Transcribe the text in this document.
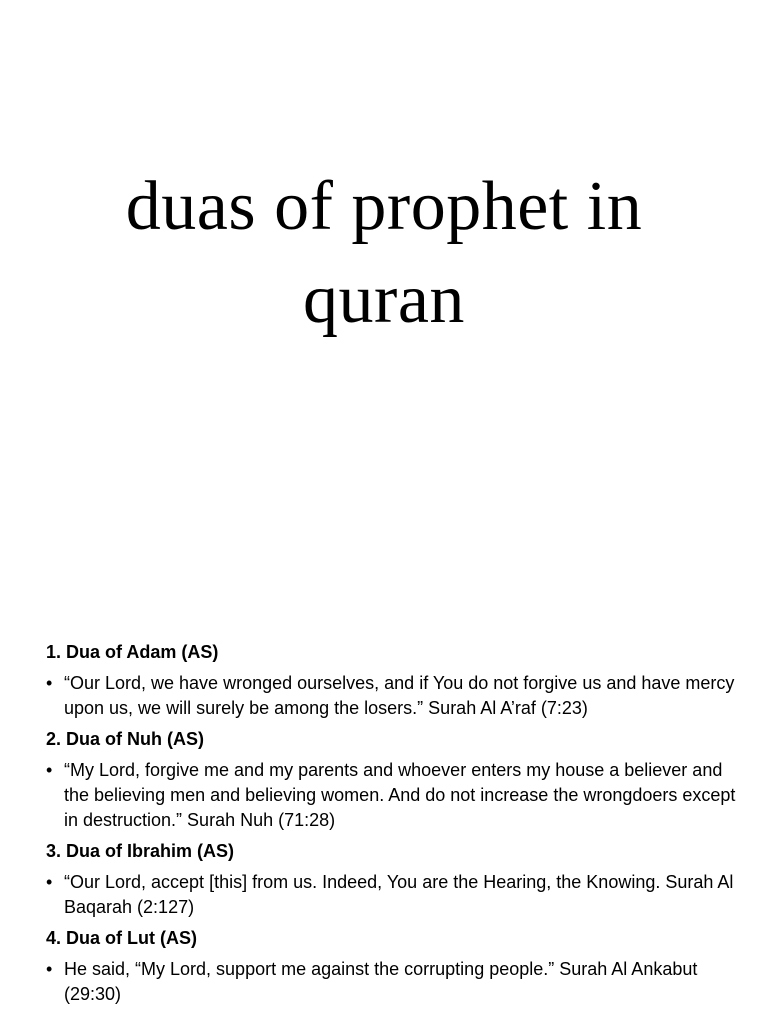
duas of prophet in quran
1. Dua of Adam (AS)
• “Our Lord, we have wronged ourselves, and if You do not forgive us and have mercy upon us, we will surely be among the losers.” Surah Al A’raf (7:23)
2. Dua of Nuh (AS)
• “My Lord, forgive me and my parents and whoever enters my house a believer and the believing men and believing women. And do not increase the wrongdoers except in destruction.” Surah Nuh (71:28)
3. Dua of Ibrahim (AS)
• “Our Lord, accept [this] from us. Indeed, You are the Hearing, the Knowing. Surah Al Baqarah (2:127)
4. Dua of Lut (AS)
• He said, “My Lord, support me against the corrupting people.” Surah Al Ankabut (29:30)
